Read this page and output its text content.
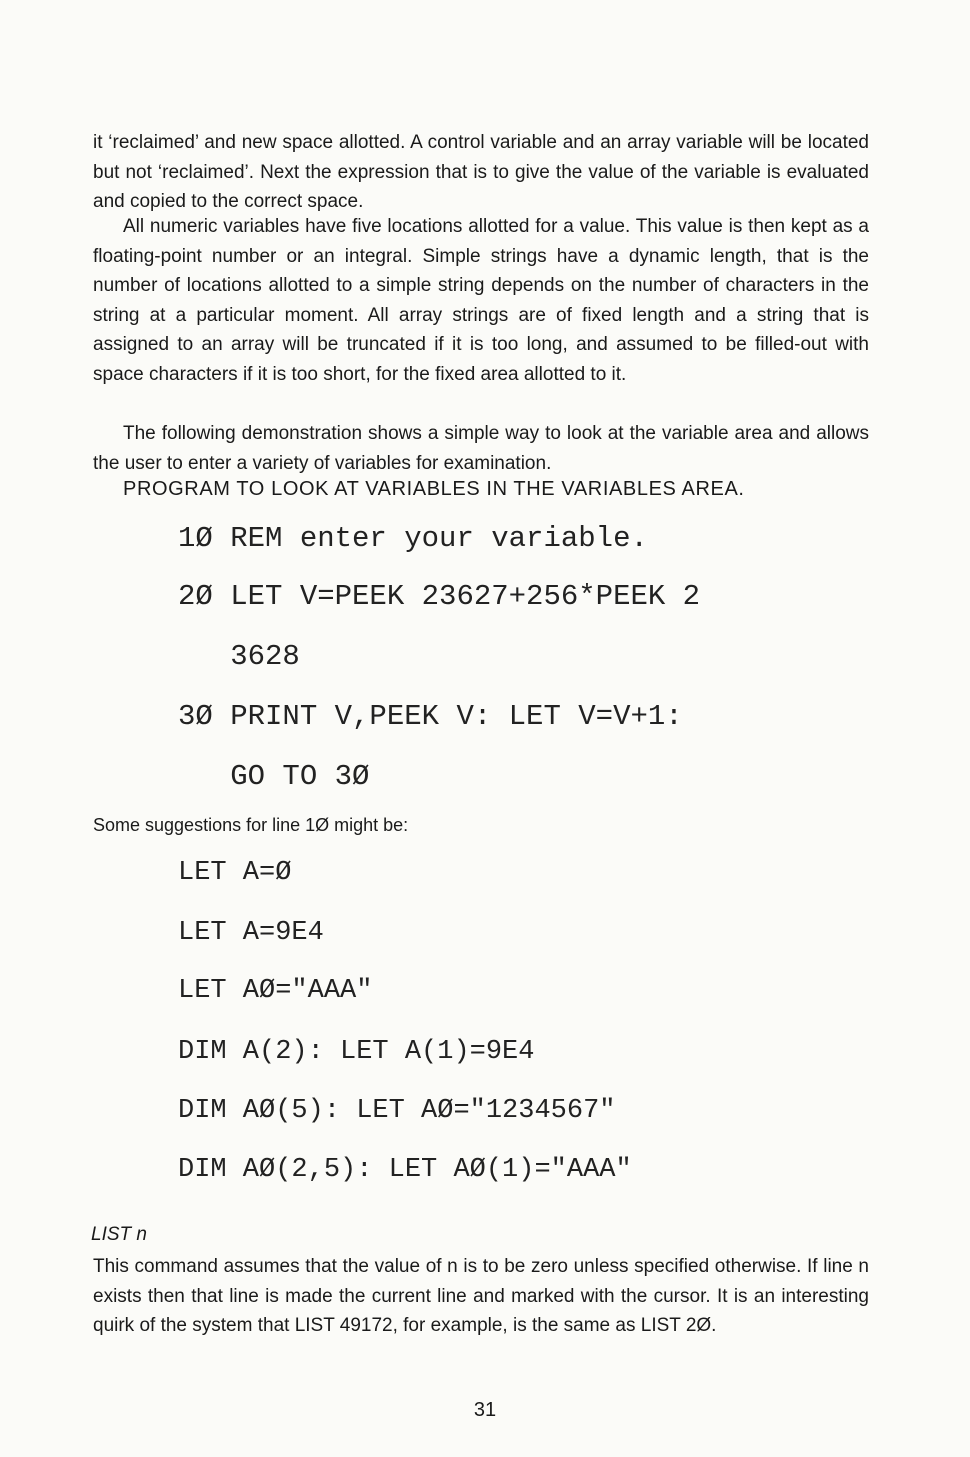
it ‘reclaimed’ and new space allotted. A control variable and an array variable will be located but not ‘reclaimed’. Next the expression that is to give the value of the variable is evaluated and copied to the correct space.

All numeric variables have five locations allotted for a value. This value is then kept as a floating-point number or an integral. Simple strings have a dynamic length, that is the number of locations allotted to a simple string depends on the number of characters in the string at a particular moment. All array strings are of fixed length and a string that is assigned to an array will be truncated if it is too long, and assumed to be filled-out with space characters if it is too short, for the fixed area allotted to it.

The following demonstration shows a simple way to look at the variable area and allows the user to enter a variety of variables for examination.

PROGRAM TO LOOK AT VARIABLES IN THE VARIABLES AREA.

1Ø REM enter your variable.

2Ø LET V=PEEK 23627+256*PEEK 2

3628

3Ø PRINT V,PEEK V: LET V=V+1:

GO TO 3Ø

Some suggestions for line 1Ø might be:

LET A=Ø

LET A=9E4

LET AØ="AAA"

DIM A(2): LET A(1)=9E4

DIM AØ(5): LET AØ="1234567"

DIM AØ(2,5): LET AØ(1)="AAA"

LIST n

This command assumes that the value of n is to be zero unless specified otherwise. If line n exists then that line is made the current line and marked with the cursor. It is an interesting quirk of the system that LIST 49172, for example, is the same as LIST 2Ø.

31
